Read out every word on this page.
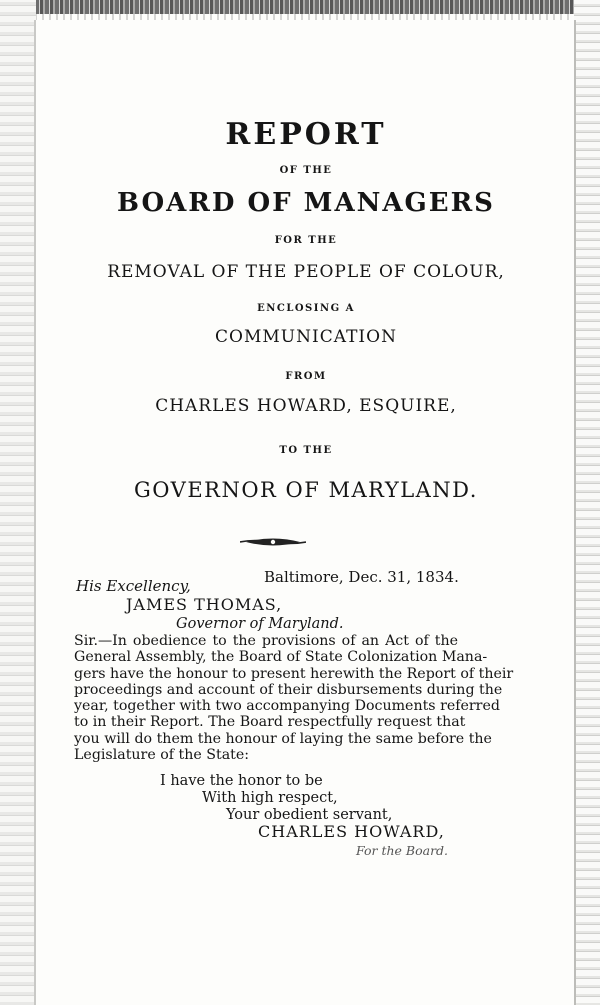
REPORT
OF THE
BOARD OF MANAGERS
FOR THE
REMOVAL OF THE PEOPLE OF COLOUR,
ENCLOSING A
COMMUNICATION
FROM
CHARLES HOWARD, ESQUIRE,
TO THE
GOVERNOR OF MARYLAND.
Baltimore, Dec. 31, 1834.
His Excellency,
JAMES THOMAS,
Governor of Maryland.
Sir.—In obedience to the provisions of an Act of the
General Assembly, the Board of State Colonization Mana-
gers have the honour to present herewith the Report of their
proceedings and account of their disbursements during the
year, together with two accompanying Documents referred
to in their Report. The Board respectfully request that
you will do them the honour of laying the same before the
Legislature of the State:
I have the honor to be
With high respect,
Your obedient servant,
CHARLES HOWARD,
For the Board.
